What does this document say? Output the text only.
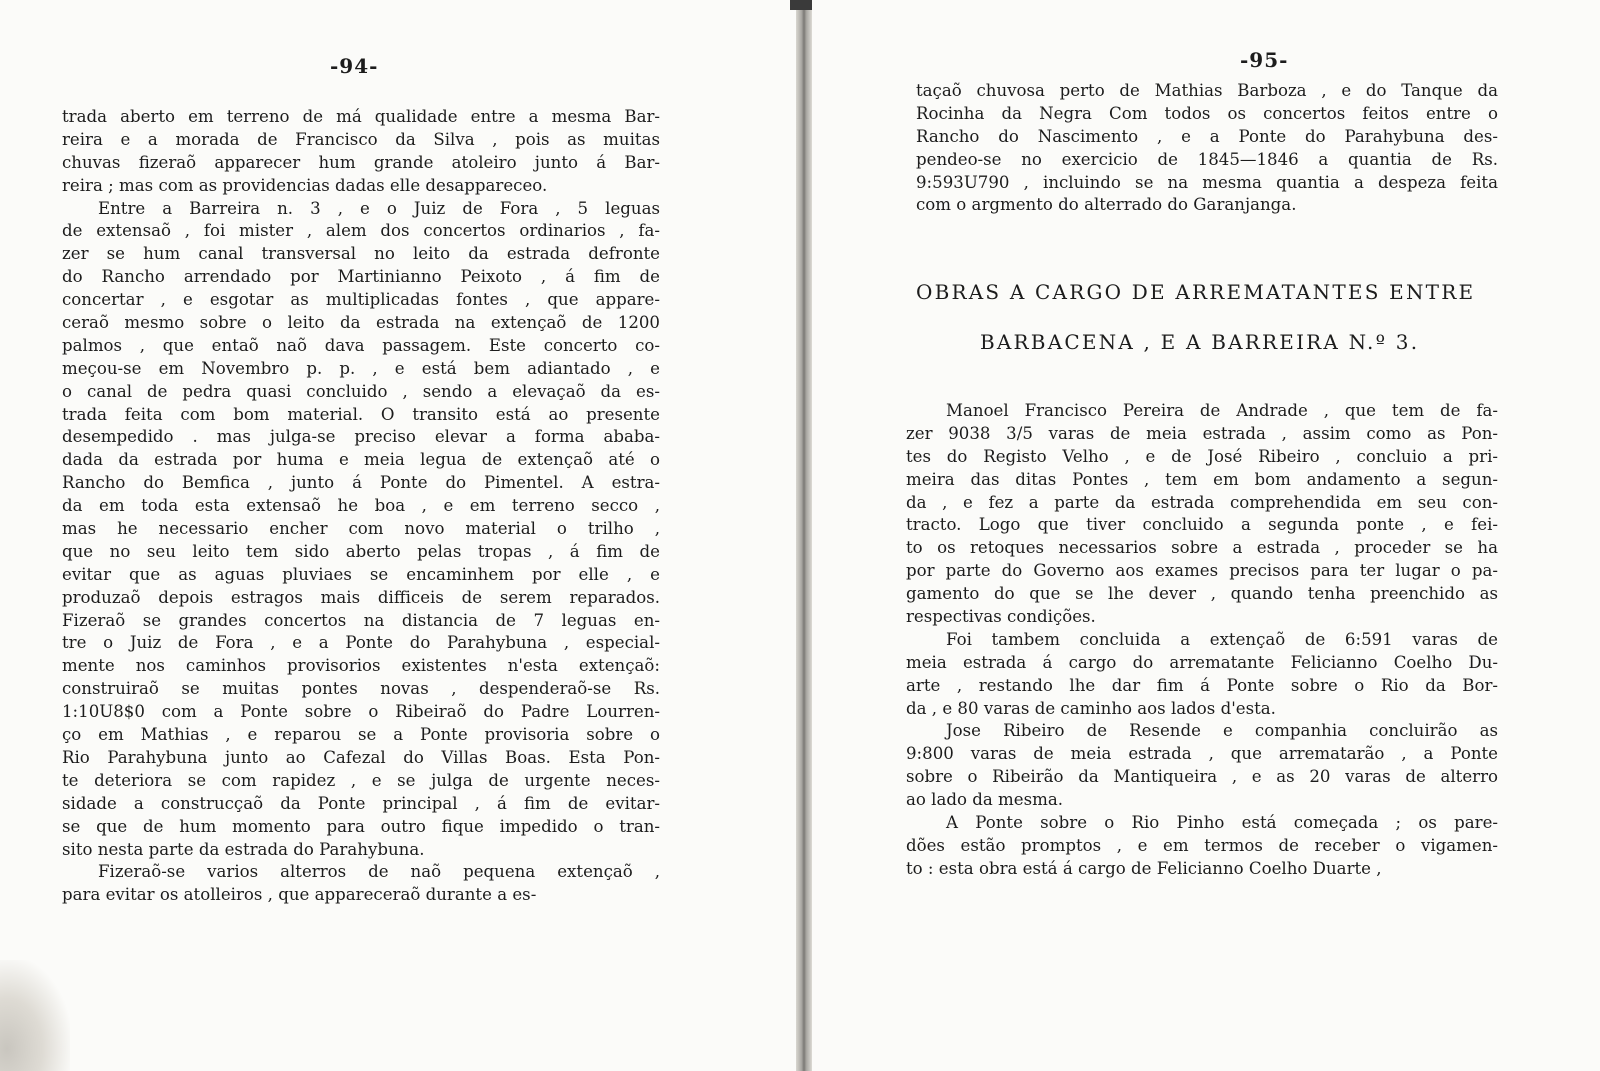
-94-
trada aberto em terreno de má qualidade entre a mesma Bar-
reira e a morada de Francisco da Silva , pois as muitas
chuvas fizeraõ apparecer hum grande atoleiro junto á Bar-
reira ; mas com as providencias dadas elle desappareceo.
Entre a Barreira n. 3 , e o Juiz de Fora , 5 leguas
de extensaõ , foi mister , alem dos concertos ordinarios , fa-
zer se hum canal transversal no leito da estrada defronte
do Rancho arrendado por Martinianno Peixoto , á fim de
concertar , e esgotar as multiplicadas fontes , que appare-
ceraõ mesmo sobre o leito da estrada na extençaõ de 1200
palmos , que entaõ naõ dava passagem. Este concerto co-
meçou-se em Novembro p. p. , e está bem adiantado , e
o canal de pedra quasi concluido , sendo a elevaçaõ da es-
trada feita com bom material. O transito está ao presente
desempedido . mas julga-se preciso elevar a forma ababa-
dada da estrada por huma e meia legua de extençaõ até o
Rancho do Bemfica , junto á Ponte do Pimentel. A estra-
da em toda esta extensaõ he boa , e em terreno secco ,
mas he necessario encher com novo material o trilho ,
que no seu leito tem sido aberto pelas tropas , á fim de
evitar que as aguas pluviaes se encaminhem por elle , e
produzaõ depois estragos mais difficeis de serem reparados.
Fizeraõ se grandes concertos na distancia de 7 leguas en-
tre o Juiz de Fora , e a Ponte do Parahybuna , especial-
mente nos caminhos provisorios existentes n'esta extençaõ:
construiraõ se muitas pontes novas , despenderaõ-se Rs.
1:10U8$0 com a Ponte sobre o Ribeiraõ do Padre Lourren-
ço em Mathias , e reparou se a Ponte provisoria sobre o
Rio Parahybuna junto ao Cafezal do Villas Boas. Esta Pon-
te deteriora se com rapidez , e se julga de urgente neces-
sidade a construcçaõ da Ponte principal , á fim de evitar-
se que de hum momento para outro fique impedido o tran-
sito nesta parte da estrada do Parahybuna.
Fizeraõ-se varios alterros de naõ pequena extençaõ ,
para evitar os atolleiros , que appareceraõ durante a es-
-95-
taçaõ chuvosa perto de Mathias Barboza , e do Tanque da
Rocinha da Negra Com todos os concertos feitos entre o
Rancho do Nascimento , e a Ponte do Parahybuna des-
pendeo-se no exercicio de 1845—1846 a quantia de Rs.
9:593U790 , incluindo se na mesma quantia a despeza feita
com o argmento do alterrado do Garanjanga.
OBRAS A CARGO DE ARREMATANTES ENTRE
BARBACENA , E A BARREIRA N.º 3.
Manoel Francisco Pereira de Andrade , que tem de fa-
zer 9038 3/5 varas de meia estrada , assim como as Pon-
tes do Registo Velho , e de José Ribeiro , concluio a pri-
meira das ditas Pontes , tem em bom andamento a segun-
da , e fez a parte da estrada comprehendida em seu con-
tracto. Logo que tiver concluido a segunda ponte , e fei-
to os retoques necessarios sobre a estrada , proceder se ha
por parte do Governo aos exames precisos para ter lugar o pa-
gamento do que se lhe dever , quando tenha preenchido as
respectivas condições.
Foi tambem concluida a extençaõ de 6:591 varas de
meia estrada á cargo do arrematante Felicianno Coelho Du-
arte , restando lhe dar fim á Ponte sobre o Rio da Bor-
da , e 80 varas de caminho aos lados d'esta.
Jose Ribeiro de Resende e companhia concluirão as
9:800 varas de meia estrada , que arrematarão , a Ponte
sobre o Ribeirão da Mantiqueira , e as 20 varas de alterro
ao lado da mesma.
A Ponte sobre o Rio Pinho está começada ; os pare-
dões estão promptos , e em termos de receber o vigamen-
to : esta obra está á cargo de Felicianno Coelho Duarte ,
